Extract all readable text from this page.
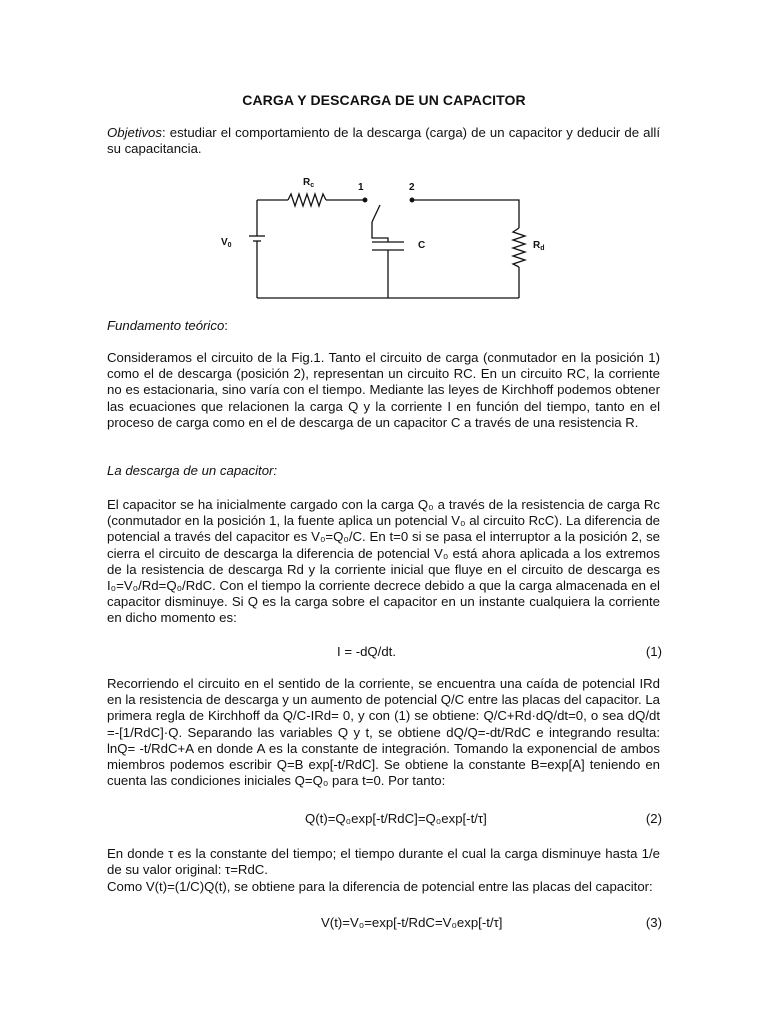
CARGA Y DESCARGA DE UN CAPACITOR

Objetivos: estudiar el comportamiento de la descarga (carga) de un capacitor y deducir de allí su capacitancia.

$R_c$	1	2
$V_0$	C	$R_d$

Fundamento teórico:

Consideramos el circuito de la Fig.1. Tanto el circuito de carga (conmutador en la posición 1) como el de descarga (posición 2), representan un circuito RC. En un circuito RC, la corriente no es estacionaria, sino varía con el tiempo. Mediante las leyes de Kirchhoff podemos obtener las ecuaciones que relacionen la carga Q y la corriente I en función del tiempo, tanto en el proceso de carga como en el de descarga de un capacitor C a través de una resistencia R.

La descarga de un capacitor:

El capacitor se ha inicialmente cargado con la carga Q₀ a través de la resistencia de carga Rc (conmutador en la posición 1, la fuente aplica un potencial V₀ al circuito RcC). La diferencia de potencial a través del capacitor es V₀=Q₀/C. En t=0 si se pasa el interruptor a la posición 2, se cierra el circuito de descarga la diferencia de potencial V₀ está ahora aplicada a los extremos de la resistencia de descarga Rd y la corriente inicial que fluye en el circuito de descarga es I₀=V₀/Rd=Q₀/RdC. Con el tiempo la corriente decrece debido a que la carga almacenada en el capacitor disminuye. Si Q es la carga sobre el capacitor en un instante cualquiera la corriente en dicho momento es:

I = -dQ/dt.	(1)

Recorriendo el circuito en el sentido de la corriente, se encuentra una caída de potencial IRd en la resistencia de descarga y un aumento de potencial Q/C entre las placas del capacitor. La primera regla de Kirchhoff da Q/C-IRd= 0, y con (1) se obtiene: Q/C+Rd·dQ/dt=0, o sea dQ/dt =-[1/RdC]·Q. Separando las variables Q y t, se obtiene dQ/Q=-dt/RdC e integrando resulta: lnQ= -t/RdC+A en donde A es la constante de integración. Tomando la exponencial de ambos miembros podemos escribir Q=B exp[-t/RdC]. Se obtiene la constante B=exp[A] teniendo en cuenta las condiciones iniciales Q=Q₀ para t=0. Por tanto:

Q(t)=Q₀exp[-t/RdC]=Q₀exp[-t/τ]	(2)

En donde τ es la constante del tiempo; el tiempo durante el cual la carga disminuye hasta 1/e de su valor original: τ=RdC.

Como V(t)=(1/C)Q(t), se obtiene para la diferencia de potencial entre las placas del capacitor:

V(t)=V₀=exp[-t/RdC=V₀exp[-t/τ]	(3)
